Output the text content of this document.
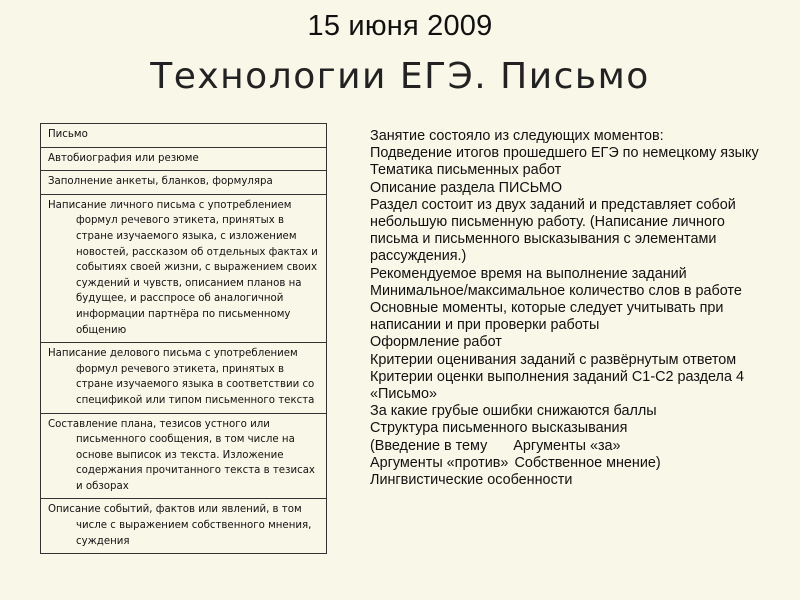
15 июня 2009
Технологии ЕГЭ. Письмо
Письмо
Автобиография или резюме
Заполнение анкеты, бланков, формуляра
Написание личного письма с употреблением формул речевого этикета, принятых в стране изучаемого языка, с изложением новостей, рассказом об отдельных фактах и событиях своей жизни, с выражением своих суждений и чувств, описанием планов на будущее, и расспросе об аналогичной информации партнёра по письменному общению
Написание делового письма с употреблением формул речевого этикета, принятых в стране изучаемого языка в соответствии со спецификой или типом письменного текста
Составление плана, тезисов устного или письменного сообщения, в том числе на основе выписок из текста. Изложение содержания прочитанного текста в тезисах и обзорах
Описание событий, фактов или явлений, в том числе с выражением собственного мнения, суждения
Занятие состояло из следующих моментов:
Подведение итогов прошедшего ЕГЭ по немецкому языку
Тематика письменных работ
Описание раздела ПИСЬМО
Раздел состоит из двух заданий и представляет собой небольшую письменную работу. (Написание личного письма и письменного высказывания с элементами рассуждения.)
Рекомендуемое время на выполнение заданий
Минимальное/максимальное количество слов в работе
Основные моменты, которые следует учитывать при написании и при проверки работы
Оформление работ
Критерии оценивания заданий с развёрнутым ответом
Критерии оценки выполнения заданий С1-С2 раздела 4 «Письмо»
За какие грубые ошибки снижаются баллы
Структура письменного высказывания
(Введение в тему Аргументы «за»
Аргументы «против» Собственное мнение)
Лингвистические особенности
